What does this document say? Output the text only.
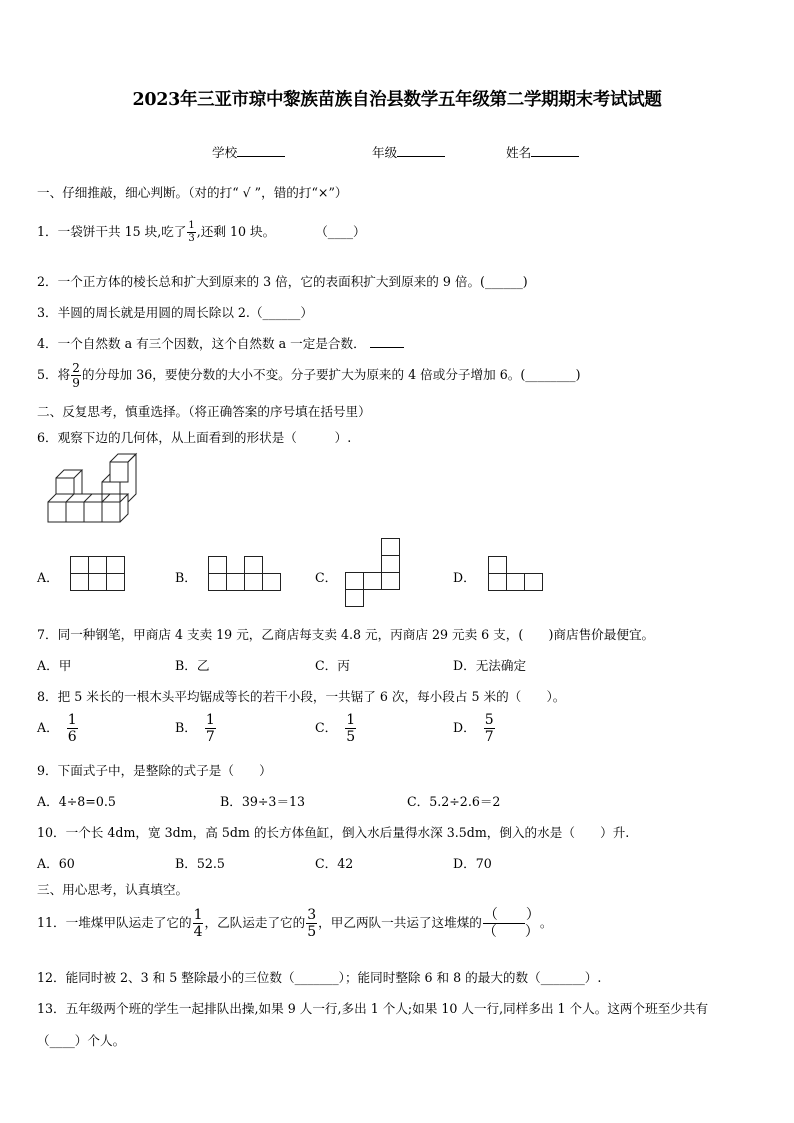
2023年三亚市琼中黎族苗族自治县数学五年级第二学期期末考试试题
学校	年级	姓名
一、仔细推敲，细心判断。（对的打“ √ ”，错的打“×”）
1．一袋饼干共 15 块,吃了 $\frac{1}{3}$ ,还剩 10 块。	（____）
2．一个正方体的棱长总和扩大到原来的 3 倍，它的表面积扩大到原来的 9 倍。(______)
3．半圆的周长就是用圆的周长除以 2.（______）
4．一个自然数 a 有三个因数，这个自然数 a 一定是合数．
5．将 $\frac{2}{9}$ 的分母加 36，要使分数的大小不变。分子要扩大为原来的 4 倍或分子增加 6。(________)
二、反复思考，慎重选择。（将正确答案的序号填在括号里）
6．观察下边的几何体，从上面看到的形状是（　　　）.
A．	B．	C．	D．
7．同一种钢笔，甲商店 4 支卖 19 元，乙商店每支卖 4.8 元，丙商店 29 元卖 6 支，(　　)商店售价最便宜。
A．甲	B．乙	C．丙	D．无法确定
8．把 5 米长的一根木头平均锯成等长的若干小段，一共锯了 6 次，每小段占 5 米的（　　）。
A． $\frac{1}{6}$	B． $\frac{1}{7}$	C． $\frac{1}{5}$	D． $\frac{5}{7}$
9．下面式子中，是整除的式子是（　　）
A．4÷8=0.5	B．39÷3＝13	C．5.2÷2.6＝2
10．一个长 4dm，宽 3dm，高 5dm 的长方体鱼缸，倒入水后量得水深 3.5dm，倒入的水是（　　）升.
A．60	B．52.5	C．42	D．70
三、用心思考，认真填空。
11．一堆煤甲队运走了它的 $\frac{1}{4}$ ，乙队运走了它的 $\frac{3}{5}$ ，甲乙两队一共运了这堆煤的 $\frac{( )}{( )}$ 。
12．能同时被 2、3 和 5 整除最小的三位数（_______）；能同时整除 6 和 8 的最大的数（_______）.
13．五年级两个班的学生一起排队出操,如果 9 人一行,多出 1 个人;如果 10 人一行,同样多出 1 个人。这两个班至少共有
（____）个人。
